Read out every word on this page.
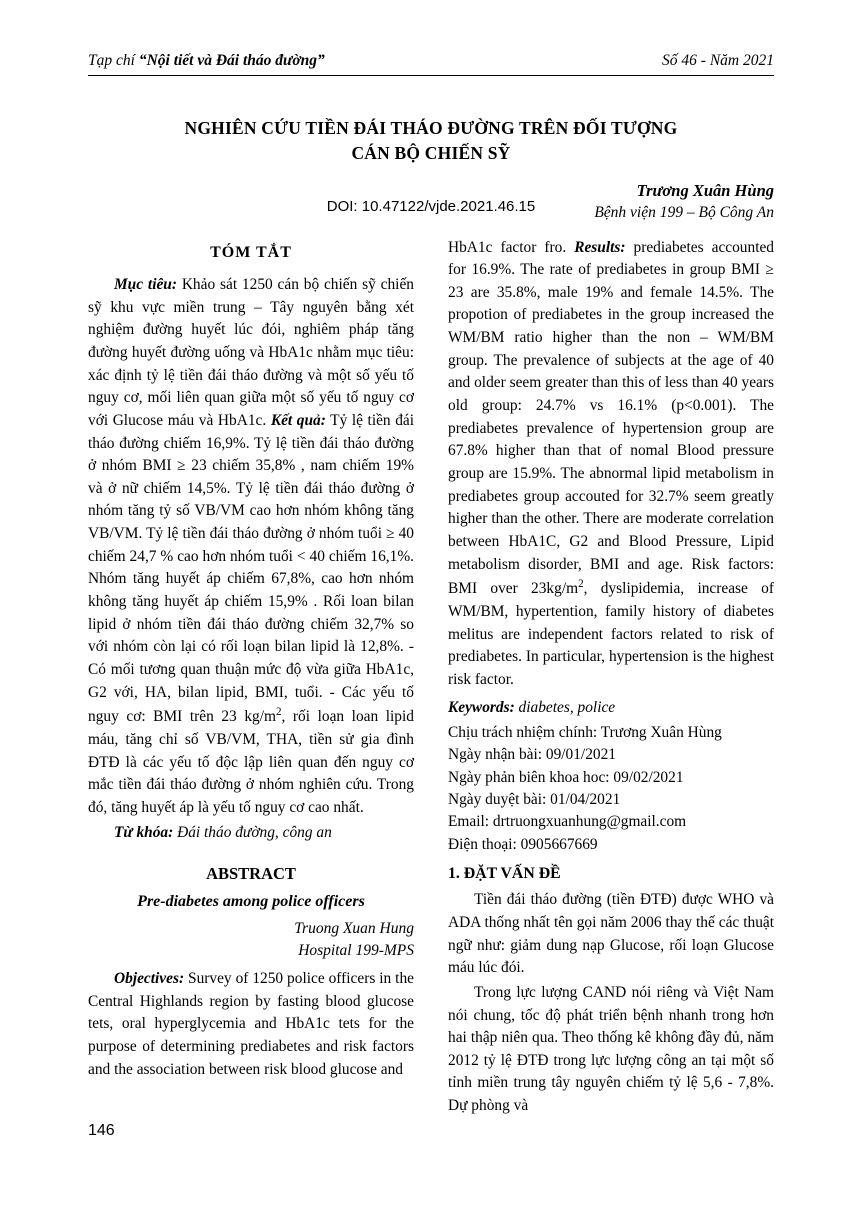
Tạp chí “Nội tiết và Đái tháo đường”	Số 46 - Năm 2021
NGHIÊN CỨU TIỀN ĐÁI THÁO ĐƯỜNG TRÊN ĐỐI TƯỢNG
CÁN BỘ CHIẾN SỸ
Trương Xuân Hùng
Bệnh viện 199 – Bộ Công An
DOI: 10.47122/vjde.2021.46.15
TÓM TẮT

Mục tiêu: Khảo sát 1250 cán bộ chiến sỹ chiến sỹ khu vực miền trung – Tây nguyên bằng xét nghiệm đường huyết lúc đói, nghiêm pháp tăng đường huyết đường uống và HbA1c nhằm mục tiêu: xác định tỷ lệ tiền đái tháo đường và một số yếu tố nguy cơ, mối liên quan giữa một số yếu tố nguy cơ với Glucose máu và HbA1c. Kết quả: Tỷ lệ tiền đái tháo đường chiếm 16,9%. Tỷ lệ tiền đái tháo đường ở nhóm BMI ≥ 23 chiếm 35,8% , nam chiếm 19% và ở nữ chiếm 14,5%. Tỷ lệ tiền đái tháo đường ở nhóm tăng tỷ số VB/VM cao hơn nhóm không tăng VB/VM. Tỷ lệ tiền đái tháo đường ở nhóm tuổi ≥ 40 chiếm 24,7 % cao hơn nhóm tuổi < 40 chiếm 16,1%. Nhóm tăng huyết áp chiếm 67,8%, cao hơn nhóm không tăng huyết áp chiếm 15,9% . Rối loan bilan lipid ở nhóm tiền đái tháo đường chiếm 32,7% so với nhóm còn lại có rối loạn bilan lipid là 12,8%. - Có mối tương quan thuận mức độ vừa giữa HbA1c, G2 với, HA, bilan lipid, BMI, tuổi. - Các yếu tố nguy cơ: BMI trên 23 $kg/m^2$, rối loạn loan lipid máu, tăng chỉ số VB/VM, THA, tiền sử gia đình ĐTĐ là các yếu tố độc lập liên quan đến nguy cơ mắc tiền đái tháo đường ở nhóm nghiên cứu. Trong đó, tăng huyết áp là yếu tố nguy cơ cao nhất.

Từ khóa: Đái tháo đường, công an

ABSTRACT
Pre-diabetes among police officers
Truong Xuan Hung
Hospital 199-MPS

Objectives: Survey of 1250 police officers in the Central Highlands region by fasting blood glucose tets, oral hyperglycemia and HbA1c tets for the purpose of determining prediabetes and risk factors and the association between risk blood glucose and

HbA1c factor fro. Results: prediabetes accounted for 16.9%. The rate of prediabetes in group BMI ≥ 23 are 35.8%, male 19% and female 14.5%. The propotion of prediabetes in the group increased the WM/BM ratio higher than the non – WM/BM group. The prevalence of subjects at the age of 40 and older seem greater than this of less than 40 years old group: 24.7% vs 16.1% (p<0.001). The prediabetes prevalence of hypertension group are 67.8% higher than that of nomal Blood pressure group are 15.9%. The abnormal lipid metabolism in prediabetes group accouted for 32.7% seem greatly higher than the other. There are moderate correlation between HbA1C, G2 and Blood Pressure, Lipid metabolism disorder, BMI and age. Risk factors: BMI over $23kg/m^2$, dyslipidemia, increase of WM/BM, hypertention, family history of diabetes melitus are independent factors related to risk of prediabetes. In particular, hypertension is the highest risk factor.

Keywords: diabetes, police

Chịu trách nhiệm chính: Trương Xuân Hùng

Ngày nhận bài: 09/01/2021

Ngày phản biên khoa hoc: 09/02/2021

Ngày duyệt bài: 01/04/2021

Email: drtruongxuanhung@gmail.com

Điện thoại: 0905667669

1. ĐẶT VẤN ĐỀ

Tiền đái tháo đường (tiền ĐTĐ) được WHO và ADA thống nhất tên gọi năm 2006 thay thế các thuật ngữ như: giảm dung nạp Glucose, rối loạn Glucose máu lúc đói.

Trong lực lượng CAND nói riêng và Việt Nam nói chung, tốc độ phát triển bệnh nhanh trong hơn hai thập niên qua. Theo thống kê không đầy đủ, năm 2012 tỷ lệ ĐTĐ trong lực lượng công an tại một số tỉnh miền trung tây nguyên chiếm tỷ lệ 5,6 - 7,8%. Dự phòng và

146
